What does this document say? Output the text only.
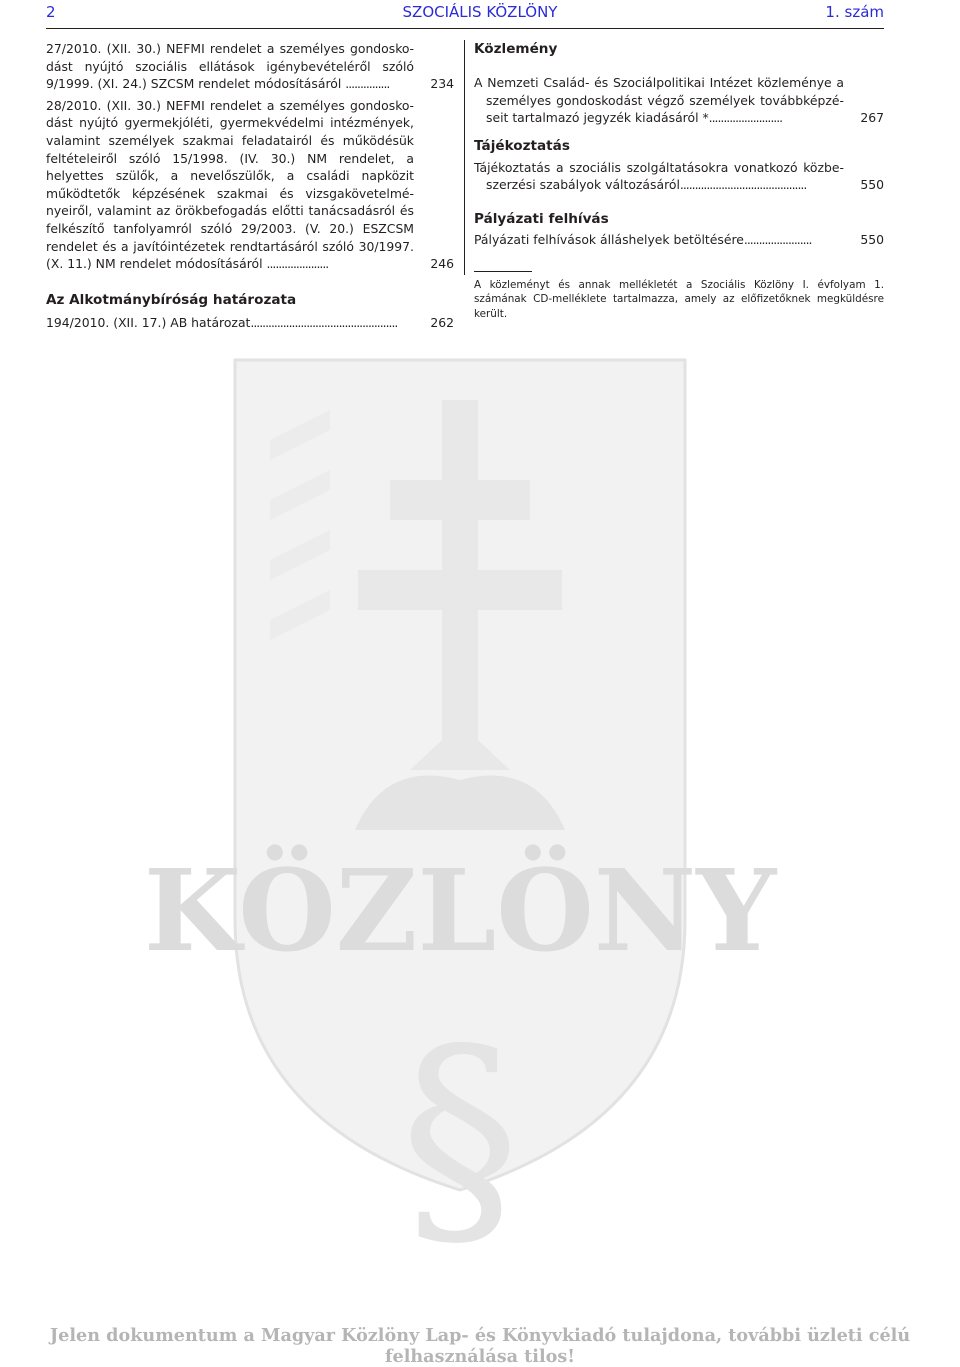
2	SZOCIÁLIS KÖZLÖNY	1. szám
KÖZLÖNY
§
27/2010. (XII. 30.) NEFMI rendelet a személyes gondoskodást nyújtó szociális ellátások igénybevételéről szóló 9/1999. (XI. 24.) SZCSM rendelet módosításáról ...............	234
28/2010. (XII. 30.) NEFMI rendelet a személyes gondoskodást nyújtó gyermekjóléti, gyermekvédelmi intézmények, valamint személyek szakmai feladatairól és működésük feltételeiről szóló 15/1998. (IV. 30.) NM rendelet, a helyettes szülők, a nevelőszülők, a családi napközit működtetők képzésének szakmai és vizsgakövetelményeiről, valamint az örökbefogadás előtti tanácsadásról és felkészítő tanfolyamról szóló 29/2003. (V. 20.) ESZCSM rendelet és a javítóintézetek rendtartásáról szóló 30/1997. (X. 11.) NM rendelet módosításáról .....................	246
Az Alkotmánybíróság határozata
194/2010. (XII. 17.) AB határozat..................................................	262
Közlemény
A Nemzeti Család- és Szociálpolitikai Intézet közleménye a személyes gondoskodást végző személyek továbbképzéseit tartalmazó jegyzék kiadásáról *.........................	267
Tájékoztatás
Tájékoztatás a szociális szolgáltatásokra vonatkozó közbeszerzési szabályok változásáról...........................................	550
Pályázati felhívás
Pályázati felhívások álláshelyek betöltésére.......................	550
A közleményt és annak mellékletét a Szociális Közlöny I. évfolyam 1. számának CD-melléklete tartalmazza, amely az előfizetőknek megküldésre került.
Jelen dokumentum a Magyar Közlöny Lap- és Könyvkiadó tulajdona, további üzleti célú felhasználása tilos!
